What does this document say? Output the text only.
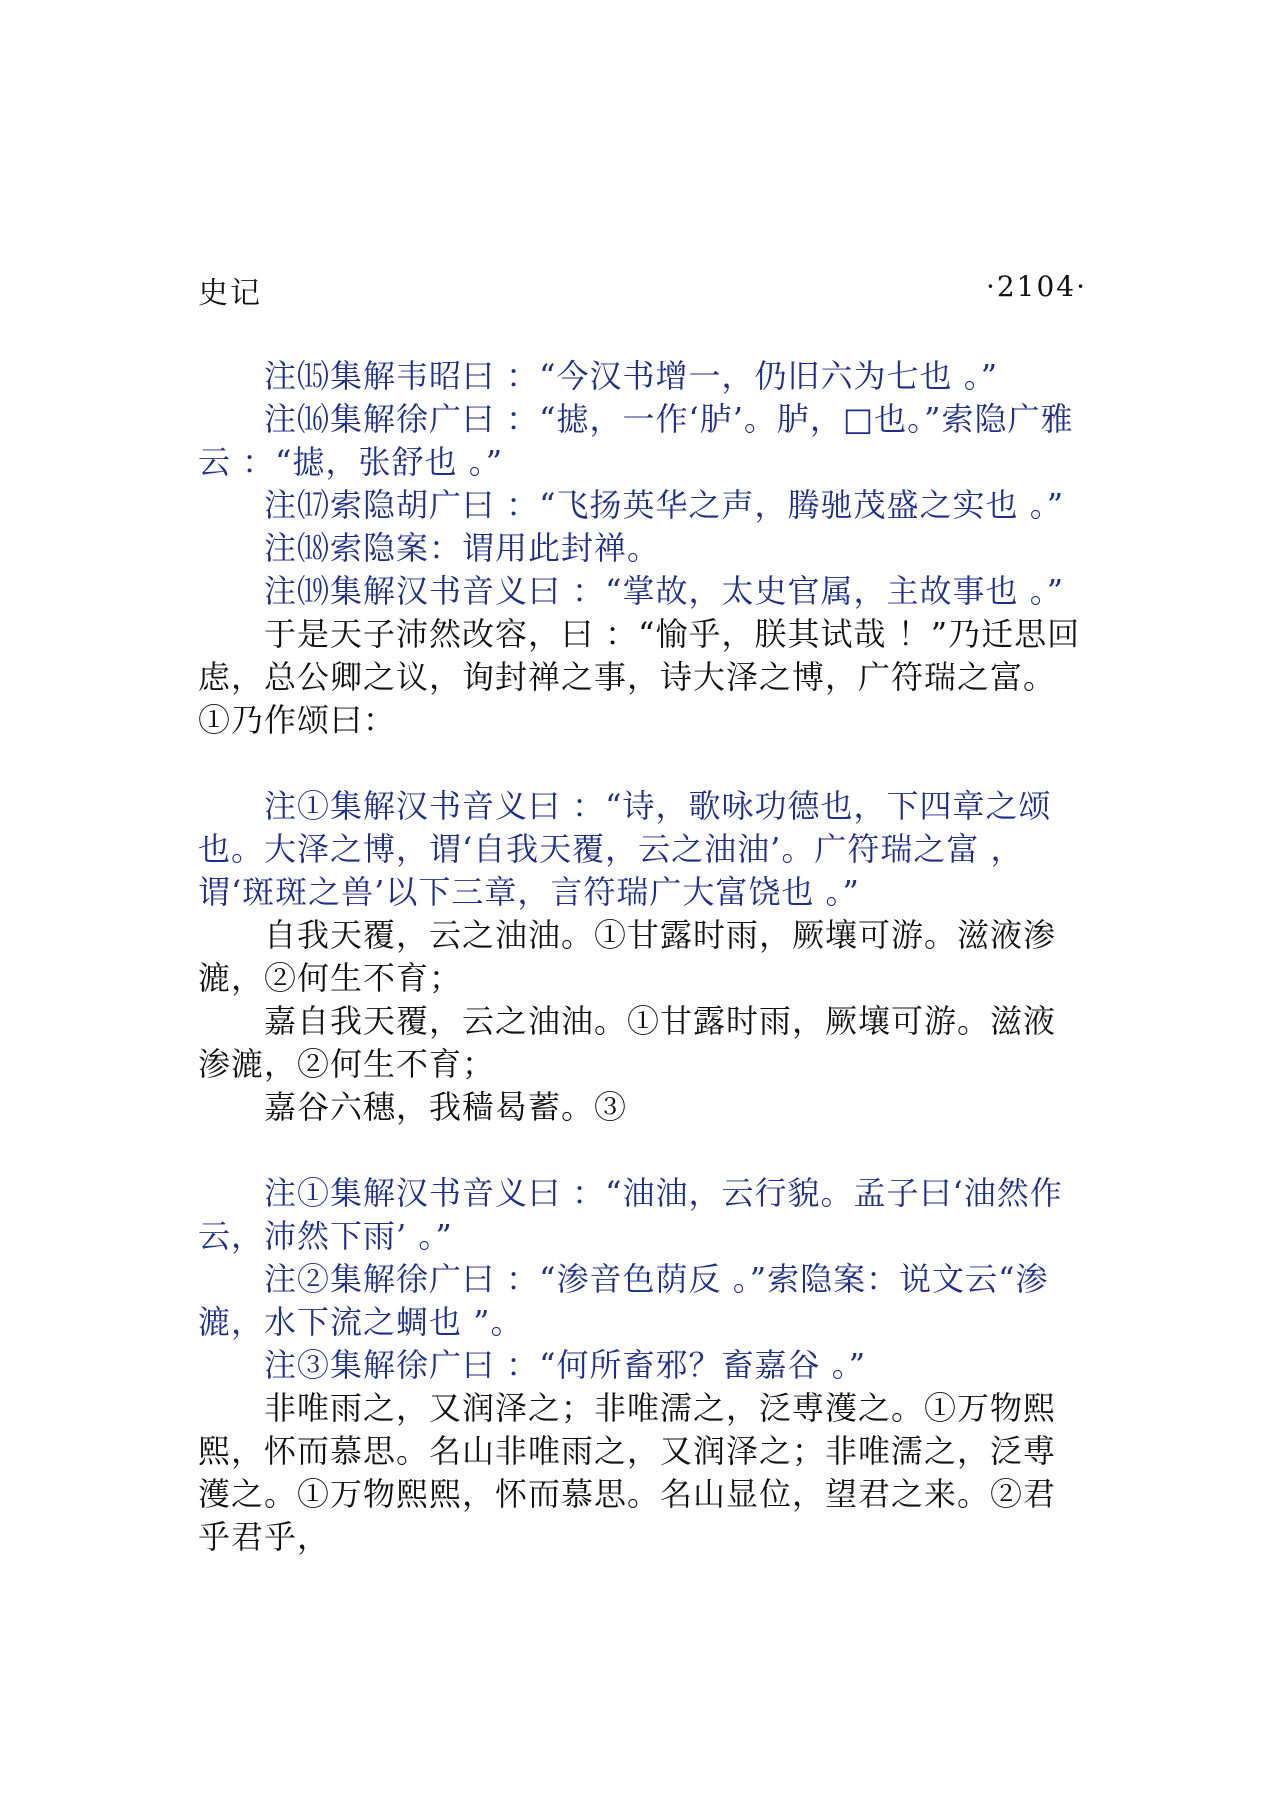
史记	·2104·

注⒂集解韦昭曰 ：“今汉书增一，仍旧六为七也 。”

注⒃集解徐广曰 ：“摅，一作‘胪’。胪，□也。”索隐广雅云 ：“摅，张舒也 。”

注⒄索隐胡广曰 ：“飞扬英华之声，腾驰茂盛之实也 。”

注⒅索隐案：谓用此封禅。

注⒆集解汉书音义曰 ：“掌故，太史官属，主故事也 。”

于是天子沛然改容，曰 ：“愉乎，朕其试哉 ！”乃迁思回虑，总公卿之议，询封禅之事，诗大泽之博，广符瑞之富。①乃作颂曰：

注①集解汉书音义曰 ：“诗，歌咏功德也，下四章之颂也。大泽之博，谓‘自我天覆，云之油油’。广符瑞之富 ，谓‘斑斑之兽’以下三章，言符瑞广大富饶也 。”

自我天覆，云之油油。①甘露时雨，厥壤可游。滋液渗漉，②何生不育；

嘉自我天覆，云之油油。①甘露时雨，厥壤可游。滋液渗漉，②何生不育；

嘉谷六穗，我穑曷蓄。③

注①集解汉书音义曰 ：“油油，云行貌。孟子曰‘油然作云，沛然下雨’ 。”

注②集解徐广曰 ：“渗音色荫反 。”索隐案：说文云“渗漉，水下流之蜩也 ”。

注③集解徐广曰 ：“何所畜邪？畜嘉谷 。”

非唯雨之，又润泽之；非唯濡之，泛尃濩之。①万物熙熙，怀而慕思。名山非唯雨之，又润泽之；非唯濡之，泛尃濩之。①万物熙熙，怀而慕思。名山显位，望君之来。②君乎君乎，
